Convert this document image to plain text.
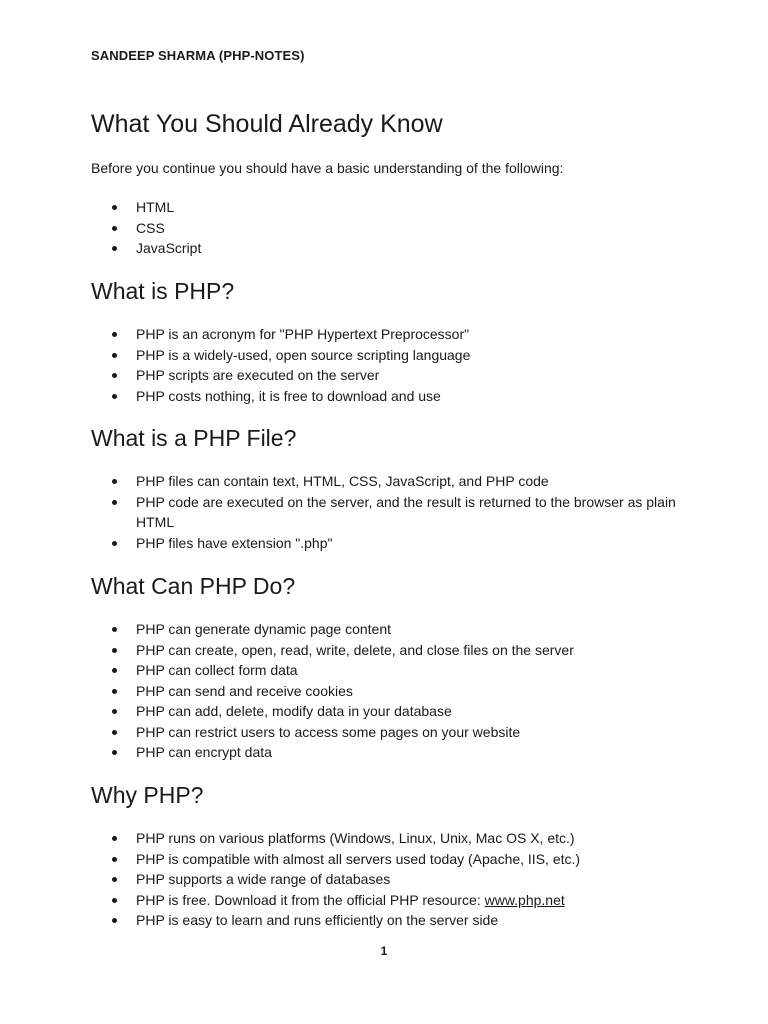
SANDEEP SHARMA (PHP-NOTES)
What You Should Already Know

Before you continue you should have a basic understanding of the following:

HTML
CSS
JavaScript
What is PHP?
PHP is an acronym for "PHP Hypertext Preprocessor"
PHP is a widely-used, open source scripting language
PHP scripts are executed on the server
PHP costs nothing, it is free to download and use
What is a PHP File?
PHP files can contain text, HTML, CSS, JavaScript, and PHP code
PHP code are executed on the server, and the result is returned to the browser as plain HTML
PHP files have extension ".php"
What Can PHP Do?
PHP can generate dynamic page content
PHP can create, open, read, write, delete, and close files on the server
PHP can collect form data
PHP can send and receive cookies
PHP can add, delete, modify data in your database
PHP can restrict users to access some pages on your website
PHP can encrypt data
Why PHP?
PHP runs on various platforms (Windows, Linux, Unix, Mac OS X, etc.)
PHP is compatible with almost all servers used today (Apache, IIS, etc.)
PHP supports a wide range of databases
PHP is free. Download it from the official PHP resource: www.php.net
PHP is easy to learn and runs efficiently on the server side
1
